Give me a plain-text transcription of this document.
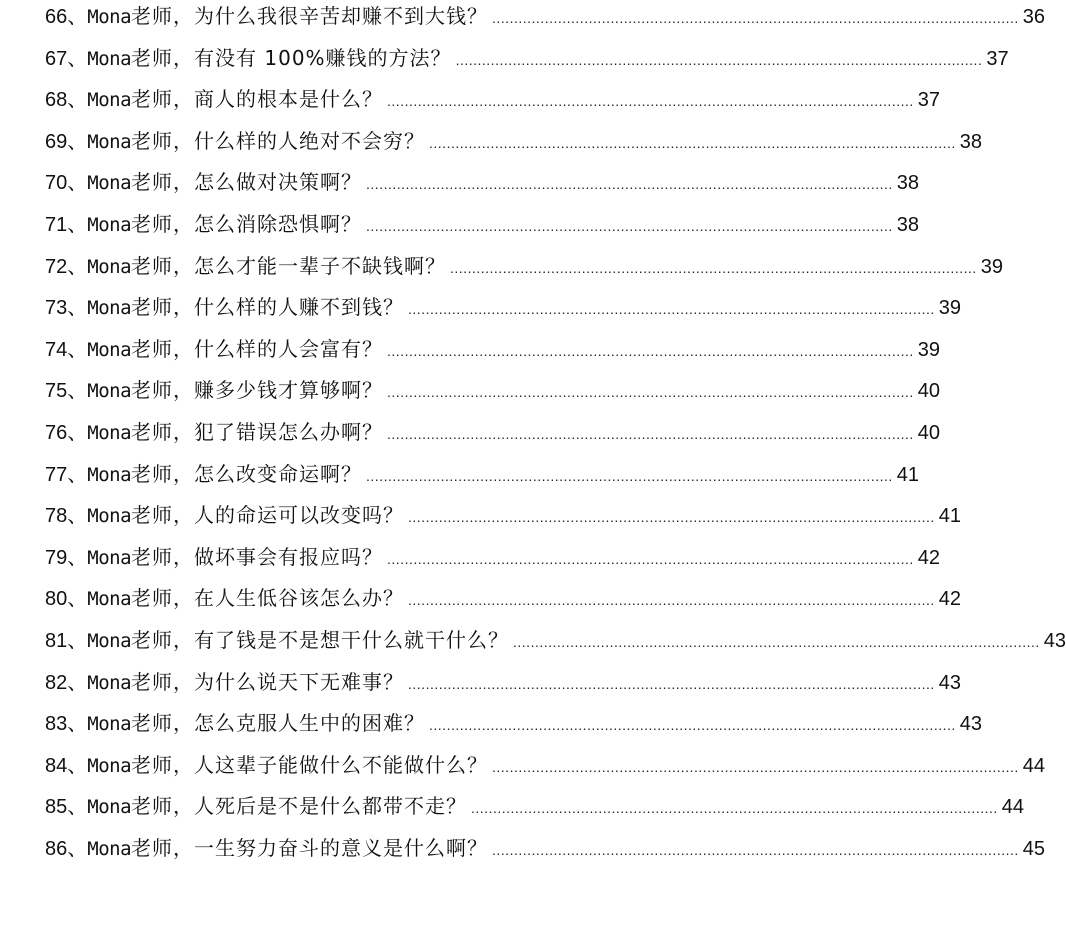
66 、 Mona 老师，为什么我很辛苦却赚不到大钱？ ........................................................................................................................ 36
67 、 Mona 老师，有没有 100%赚钱的方法？ ........................................................................................................................ 37
68 、 Mona 老师，商人的根本是什么？ ........................................................................................................................ 37
69 、 Mona 老师，什么样的人绝对不会穷？ ........................................................................................................................ 38
70 、 Mona 老师，怎么做对决策啊？ ........................................................................................................................ 38
71 、 Mona 老师，怎么消除恐惧啊？ ........................................................................................................................ 38
72 、 Mona 老师，怎么才能一辈子不缺钱啊？ ........................................................................................................................ 39
73 、 Mona 老师，什么样的人赚不到钱？ ........................................................................................................................ 39
74 、 Mona 老师，什么样的人会富有？ ........................................................................................................................ 39
75 、 Mona 老师，赚多少钱才算够啊？ ........................................................................................................................ 40
76 、 Mona 老师，犯了错误怎么办啊？ ........................................................................................................................ 40
77 、 Mona 老师，怎么改变命运啊？ ........................................................................................................................ 41
78 、 Mona 老师，人的命运可以改变吗？ ........................................................................................................................ 41
79 、 Mona 老师，做坏事会有报应吗？ ........................................................................................................................ 42
80 、 Mona 老师，在人生低谷该怎么办？ ........................................................................................................................ 42
81 、 Mona 老师，有了钱是不是想干什么就干什么？ ........................................................................................................................ 43
82 、 Mona 老师，为什么说天下无难事？ ........................................................................................................................ 43
83 、 Mona 老师，怎么克服人生中的困难？ ........................................................................................................................ 43
84 、 Mona 老师，人这辈子能做什么不能做什么？ ........................................................................................................................ 44
85 、 Mona 老师，人死后是不是什么都带不走？ ........................................................................................................................ 44
86 、 Mona 老师，一生努力奋斗的意义是什么啊？ ........................................................................................................................ 45
